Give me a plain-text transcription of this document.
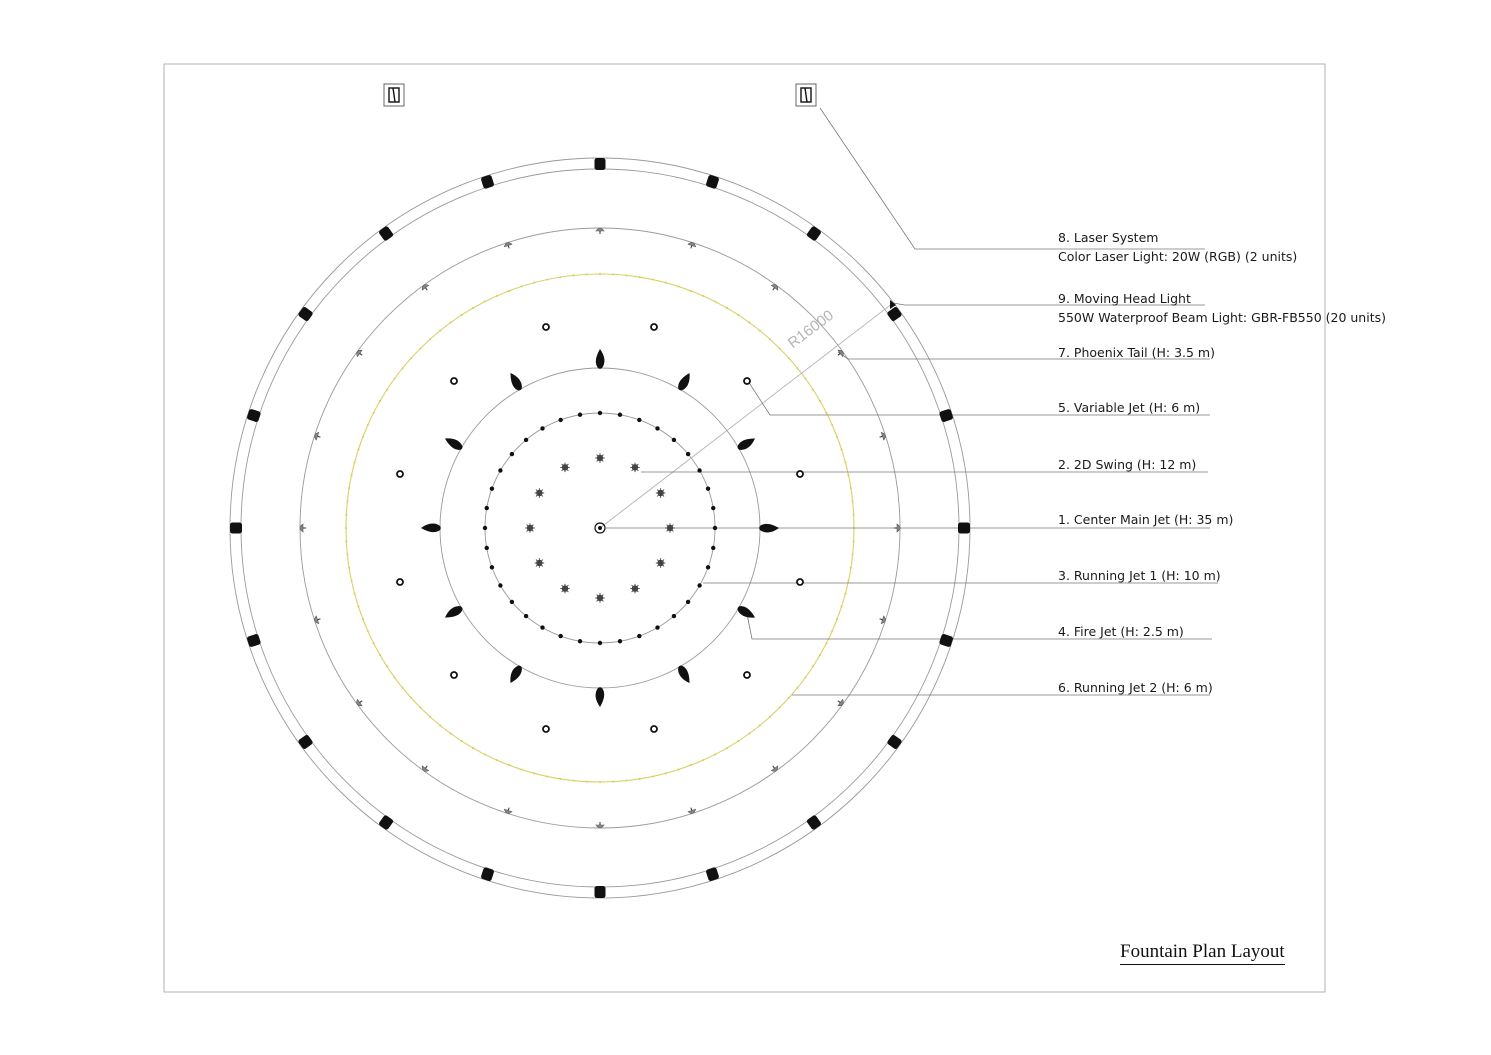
R16000
8. Laser System
Color Laser Light: 20W (RGB) (2 units)
9. Moving Head Light
550W Waterproof Beam Light: GBR-FB550 (20 units)
7. Phoenix Tail (H: 3.5 m)
5. Variable Jet (H: 6 m)
2. 2D Swing (H: 12 m)
1. Center Main Jet (H: 35 m)
3. Running Jet 1 (H: 10 m)
4. Fire Jet (H: 2.5 m)
6. Running Jet 2 (H: 6 m)
Fountain Plan Layout
